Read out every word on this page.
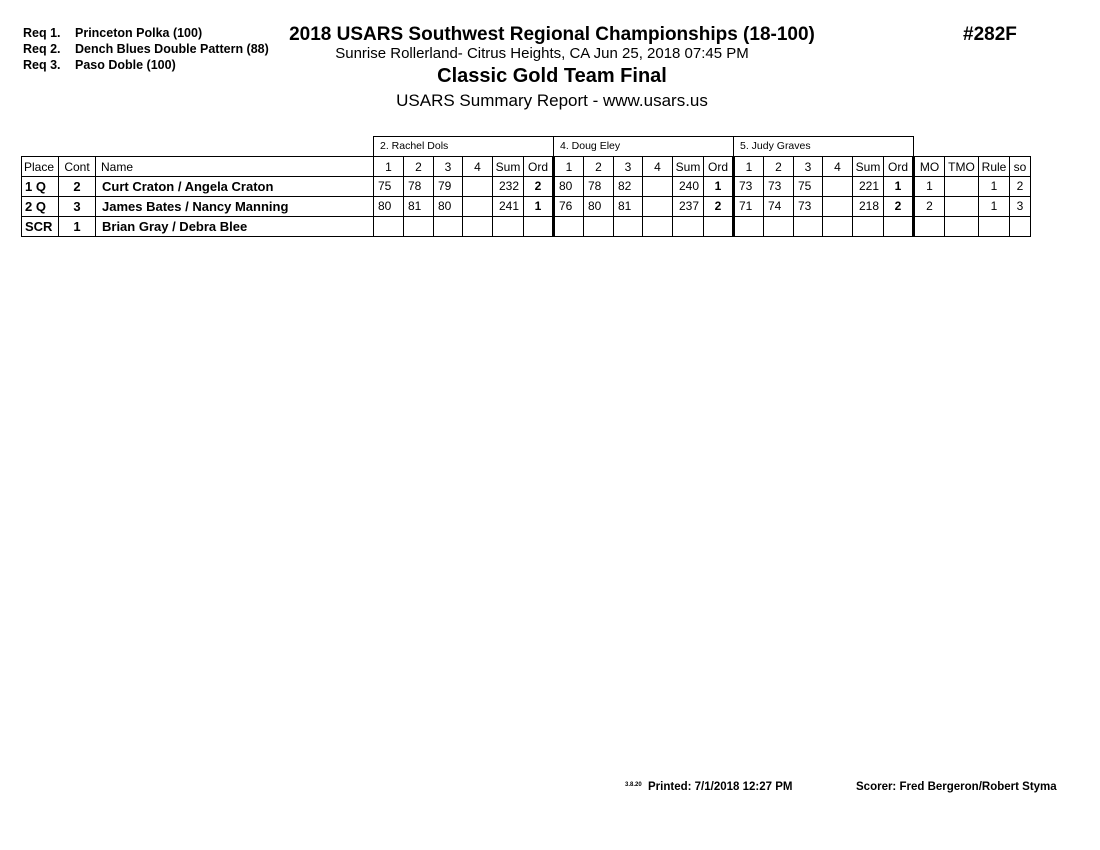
Req 1. Princeton Polka (100)
Req 2. Dench Blues Double Pattern (88)
Req 3. Paso Doble (100)
2018 USARS Southwest Regional Championships (18-100)
Sunrise Rollerland- Citrus Heights, CA Jun 25, 2018 07:45 PM
Classic Gold Team Final
USARS Summary Report - www.usars.us
#282F
			2. Rachel Dols						4. Doug Eley						5. Judy Graves									
Place	Cont	Name	1	2	3	4	Sum	Ord	1	2	3	4	Sum	Ord	1	2	3	4	Sum	Ord	MO	TMO	Rule	so
1 Q	2	Curt Craton / Angela Craton	75	78	79		232	2	80	78	82		240	1	73	73	75		221	1	1		1	2
2 Q	3	James Bates / Nancy Manning	80	81	80		241	1	76	80	81		237	2	71	74	73		218	2	2		1	3
SCR	1	Brian Gray / Debra Blee																						
3.8.20 Printed: 7/1/2018 12:27 PM	Scorer: Fred Bergeron/Robert Styma
